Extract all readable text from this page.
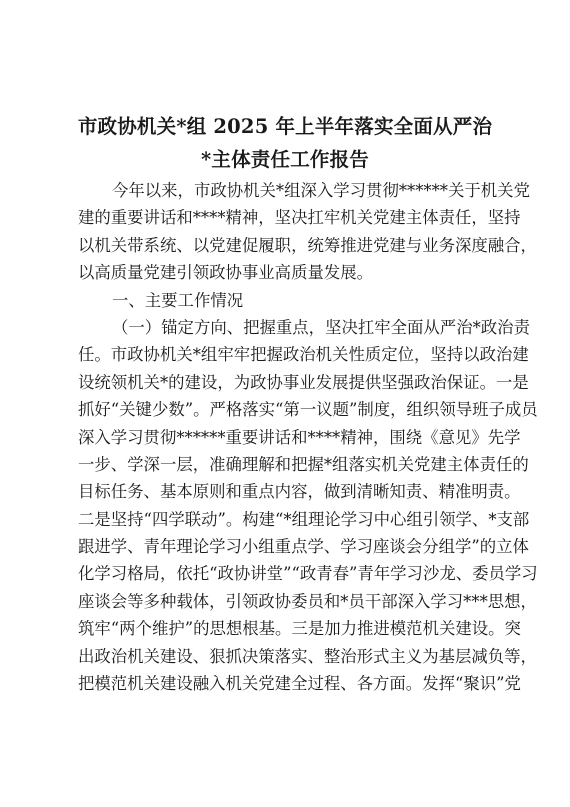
市政协机关*组 2025 年上半年落实全面从严治
*主体责任工作报告
今年以来，市政协机关*组深入学习贯彻******关于机关党
建的重要讲话和****精神，坚决扛牢机关党建主体责任，坚持
以机关带系统、以党建促履职，统筹推进党建与业务深度融合，
以高质量党建引领政协事业高质量发展。
一、主要工作情况
（一）锚定方向、把握重点，坚决扛牢全面从严治*政治责
任。市政协机关*组牢牢把握政治机关性质定位，坚持以政治建
设统领机关*的建设，为政协事业发展提供坚强政治保证。一是
抓好“关键少数”。严格落实“第一议题”制度，组织领导班子成员
深入学习贯彻******重要讲话和****精神，围绕《意见》先学
一步、学深一层，准确理解和把握*组落实机关党建主体责任的
目标任务、基本原则和重点内容，做到清晰知责、精准明责。
二是坚持“四学联动”。构建“*组理论学习中心组引领学、*支部
跟进学、青年理论学习小组重点学、学习座谈会分组学”的立体
化学习格局，依托“政协讲堂”“政青春”青年学习沙龙、委员学习
座谈会等多种载体，引领政协委员和*员干部深入学习***思想，
筑牢“两个维护”的思想根基。三是加力推进模范机关建设。突
出政治机关建设、狠抓决策落实、整治形式主义为基层减负等，
把模范机关建设融入机关党建全过程、各方面。发挥“聚识”党
